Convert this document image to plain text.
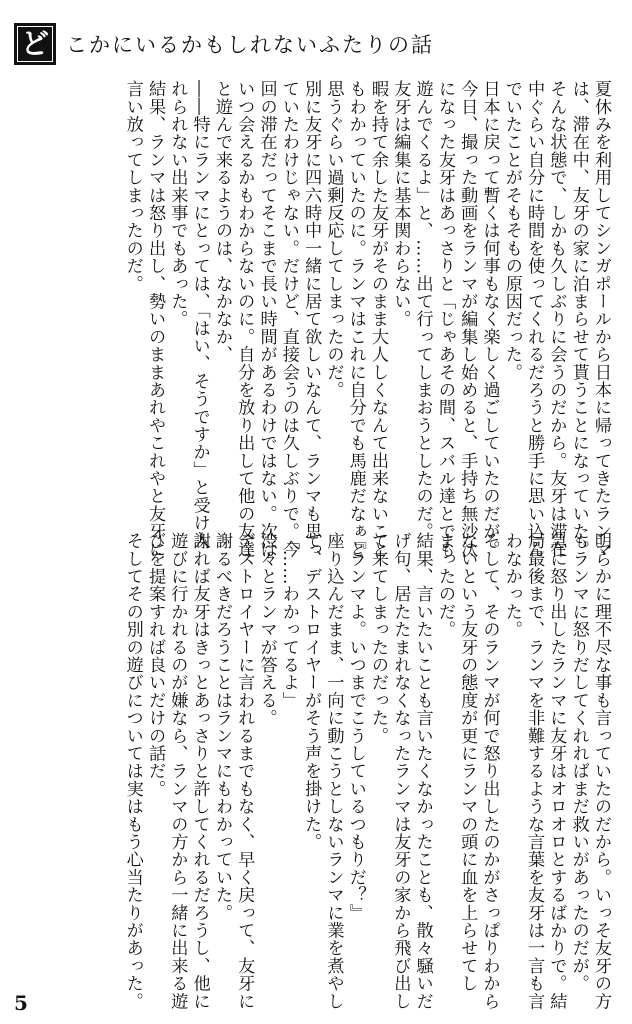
ど こかにいるかもしれないふたりの話

夏休みを利用してシンガポールから日本に帰ってきたランマ

は、滞在中、友牙の家に泊まらせて貰うことになっていた。

そんな状態で、しかも久しぶりに会うのだから。友牙は滞在

中ぐらい自分に時間を使ってくれるだろうと勝手に思い込ん

でいたことがそもそもの原因だった。

日本に戻って暫くは何事もなく楽しく過ごしていたのだが。

今日、撮った動画をランマが編集し始めると、手持ち無沙汰

になった友牙はあっさりと「じゃあその間、スバル達とでも

遊んでくるよ」と、……出て行ってしまおうとしたのだ。

友牙は編集に基本関わらない。

暇を持て余した友牙がそのまま大人しくなんて出来ないこと

もわかっていたのに。ランマはこれに自分でも馬鹿だなぁと

思うぐらい過剰反応してしまったのだ。

別に友牙に四六時中一緒に居て欲しいなんて、ランマも思っ

ていたわけじゃない。だけど、直接会うのは久しぶりで。今

回の滞在だってそこまで長い時間があるわけではない。次は

いつ会えるかもわからないのに。自分を放り出して他の友達

と遊んで来るようのは、なかなか、

――特にランマにとっては、「はい、そうですか」と受け入

れられない出来事でもあった。

結果、ランマは怒り出し、勢いのままあれやこれやと友牙に

言い放ってしまったのだ。

明らかに理不尽な事も言っていたのだから。いっそ友牙の方

もランマに怒りだしてくれればまだ救いがあったのだが。

急に怒り出したランマに友牙はオロオロとするばかりで。結

局最後まで、ランマを非難するような言葉を友牙は一言も言

わなかった。

そして、そのランマが何で怒り出したのかがさっぱりわから

ないという友牙の態度が更にランマの頭に血を上らせてし

まったのだ。

結果、言いたいことも言いたくなかったことも、散々騒いだ

げ句、居たたまれなくなったランマは友牙の家から飛び出し

て来てしまったのだった。

『ランマよ。いつまでこうしているつもりだ？』

座り込んだまま、一向に動こうとしないランマに業を煮やし

て、デストロイヤーがそう声を掛けた。

「……わかってるよ」

渋々とランマが答える。

デストロイヤーに言われるまでもなく、早く戻って、友牙に

謝るべきだろうことはランマにもわかっていた。

謝れば友牙はきっとあっさりと許してくれるだろうし、他に

遊びに行かれるのが嫌なら、ランマの方から一緒に出来る遊

びを提案すれば良いだけの話だ。

そしてその別の遊びについては実はもう心当たりがあった。

5
